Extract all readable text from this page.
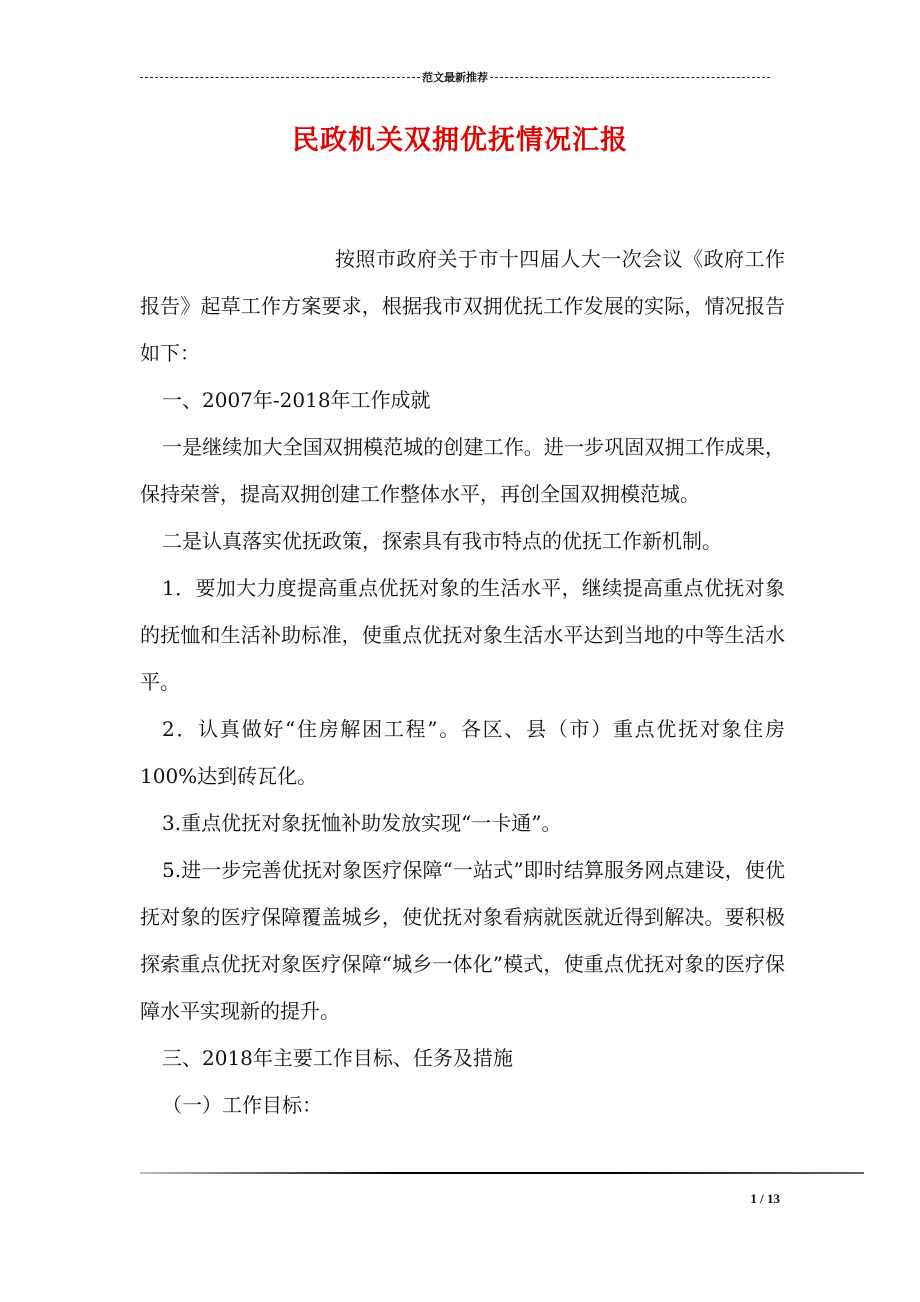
范文最新推荐
民政机关双拥优抚情况汇报

按照市政府关于市十四届人大一次会议《政府工作报告》起草工作方案要求，根据我市双拥优抚工作发展的实际，情况报告如下：

一、2007年-2018年工作成就

一是继续加大全国双拥模范城的创建工作。进一步巩固双拥工作成果，保持荣誉，提高双拥创建工作整体水平，再创全国双拥模范城。

二是认真落实优抚政策，探索具有我市特点的优抚工作新机制。

1．要加大力度提高重点优抚对象的生活水平，继续提高重点优抚对象的抚恤和生活补助标准，使重点优抚对象生活水平达到当地的中等生活水平。

2．认真做好“住房解困工程”。各区、县（市）重点优抚对象住房100%达到砖瓦化。

3.重点优抚对象抚恤补助发放实现“一卡通”。

5.进一步完善优抚对象医疗保障“一站式”即时结算服务网点建设，使优抚对象的医疗保障覆盖城乡，使优抚对象看病就医就近得到解决。要积极探索重点优抚对象医疗保障“城乡一体化”模式，使重点优抚对象的医疗保障水平实现新的提升。

三、2018年主要工作目标、任务及措施

（一）工作目标：

1 / 13
